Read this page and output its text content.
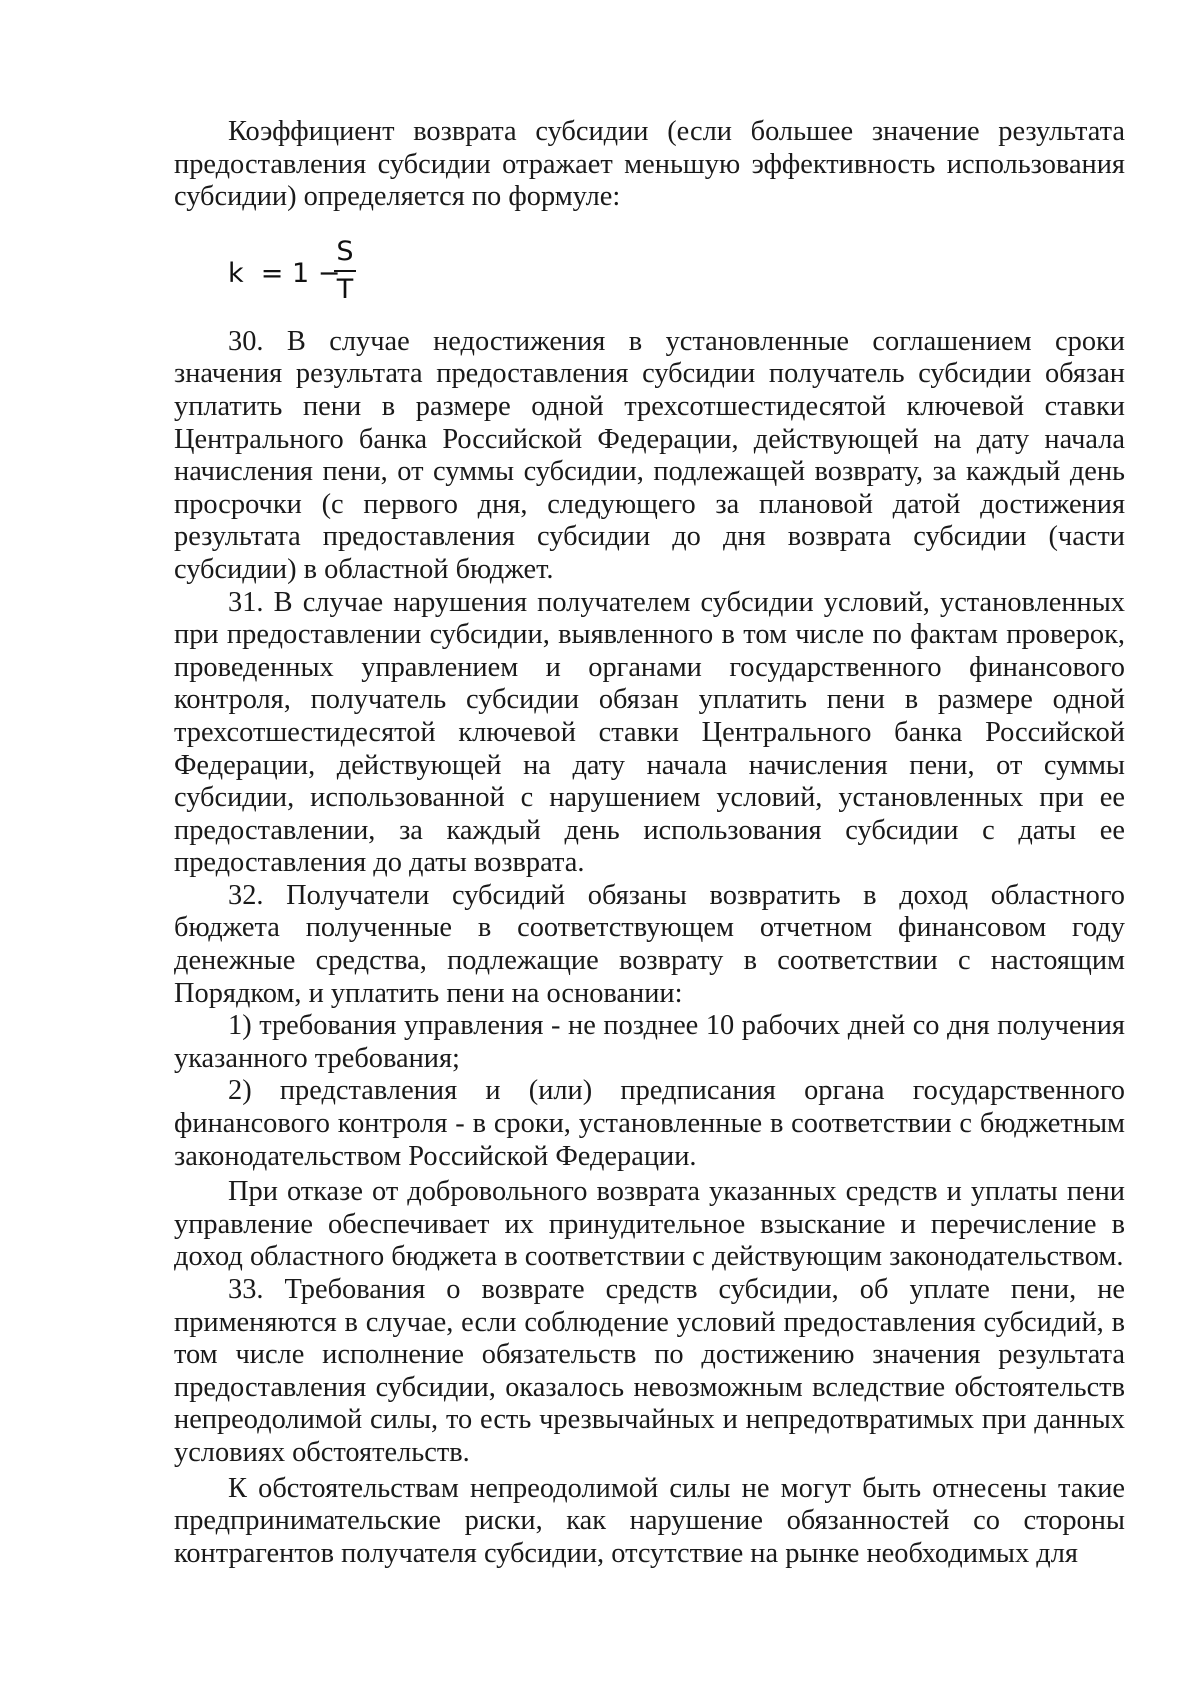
Коэффициент возврата субсидии (если большее значение результата предоставления субсидии отражает меньшую эффективность использования субсидии) определяется по формуле:

k  = 1 −
S
T

30. В случае недостижения в установленные соглашением сроки значения результата предоставления субсидии получатель субсидии обязан уплатить пени в размере одной трехсотшестидесятой ключевой ставки Центрального банка Российской Федерации, действующей на дату начала начисления пени, от суммы субсидии, подлежащей возврату, за каждый день просрочки (с первого дня, следующего за плановой датой достижения результата предоставления субсидии до дня возврата субсидии (части субсидии) в областной бюджет.

31. В случае нарушения получателем субсидии условий, установленных при предоставлении субсидии, выявленного в том числе по фактам проверок, проведенных управлением и органами государственного финансового контроля, получатель субсидии обязан уплатить пени в размере одной трехсотшестидесятой ключевой ставки Центрального банка Российской Федерации, действующей на дату начала начисления пени, от суммы субсидии, использованной с нарушением условий, установленных при ее предоставлении, за каждый день использования субсидии с даты ее предоставления до даты возврата.

32. Получатели субсидий обязаны возвратить в доход областного бюджета полученные в соответствующем отчетном финансовом году денежные средства, подлежащие возврату в соответствии с настоящим Порядком, и уплатить пени на основании:

1) требования управления - не позднее 10 рабочих дней со дня получения указанного требования;

2) представления и (или) предписания органа государственного финансового контроля - в сроки, установленные в соответствии с бюджетным законодательством Российской Федерации.

При отказе от добровольного возврата указанных средств и уплаты пени управление обеспечивает их принудительное взыскание и перечисление в доход областного бюджета в соответствии с действующим законодательством.

33. Требования о возврате средств субсидии, об уплате пени, не применяются в случае, если соблюдение условий предоставления субсидий, в том числе исполнение обязательств по достижению значения результата предоставления субсидии, оказалось невозможным вследствие обстоятельств непреодолимой силы, то есть чрезвычайных и непредотвратимых при данных условиях обстоятельств.

К обстоятельствам непреодолимой силы не могут быть отнесены такие предпринимательские риски, как нарушение обязанностей со стороны контрагентов получателя субсидии, отсутствие на рынке необходимых для
